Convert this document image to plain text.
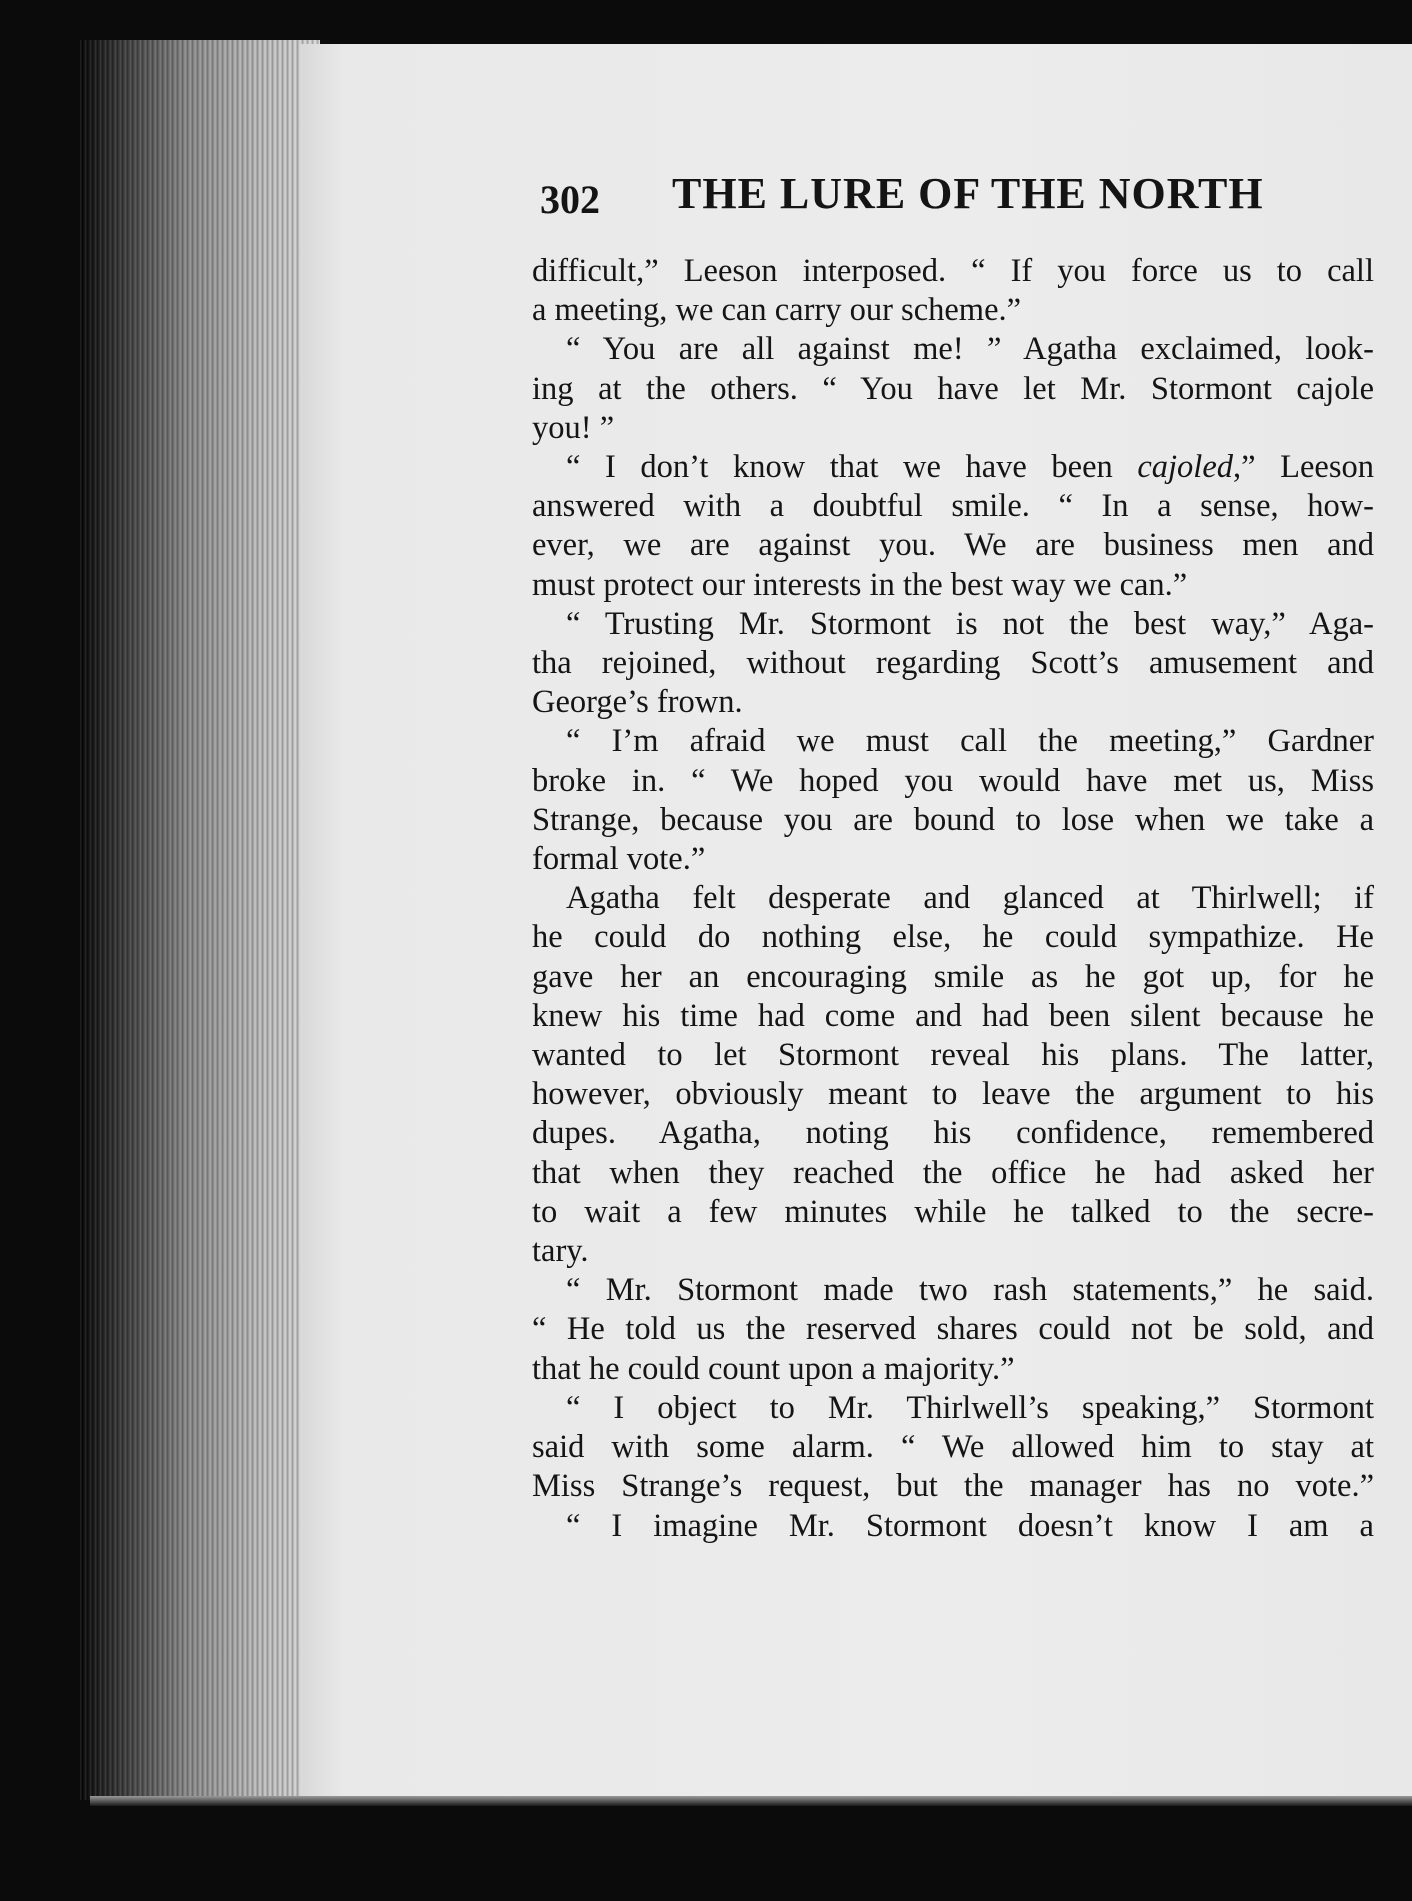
302 THE LURE OF THE NORTH
difficult,” Leeson interposed. “ If you force us to call
a meeting, we can carry our scheme.”
“ You are all against me! ” Agatha exclaimed, look-
ing at the others. “ You have let Mr. Stormont cajole
you! ”
“ I don’t know that we have been cajoled,” Leeson
answered with a doubtful smile. “ In a sense, how-
ever, we are against you. We are business men and
must protect our interests in the best way we can.”
“ Trusting Mr. Stormont is not the best way,” Aga-
tha rejoined, without regarding Scott’s amusement and
George’s frown.
“ I’m afraid we must call the meeting,” Gardner
broke in. “ We hoped you would have met us, Miss
Strange, because you are bound to lose when we take a
formal vote.”
Agatha felt desperate and glanced at Thirlwell; if
he could do nothing else, he could sympathize. He
gave her an encouraging smile as he got up, for he
knew his time had come and had been silent because he
wanted to let Stormont reveal his plans. The latter,
however, obviously meant to leave the argument to his
dupes. Agatha, noting his confidence, remembered
that when they reached the office he had asked her
to wait a few minutes while he talked to the secre-
tary.
“ Mr. Stormont made two rash statements,” he said.
“ He told us the reserved shares could not be sold, and
that he could count upon a majority.”
“ I object to Mr. Thirlwell’s speaking,” Stormont
said with some alarm. “ We allowed him to stay at
Miss Strange’s request, but the manager has no vote.”
“ I imagine Mr. Stormont doesn’t know I am a
